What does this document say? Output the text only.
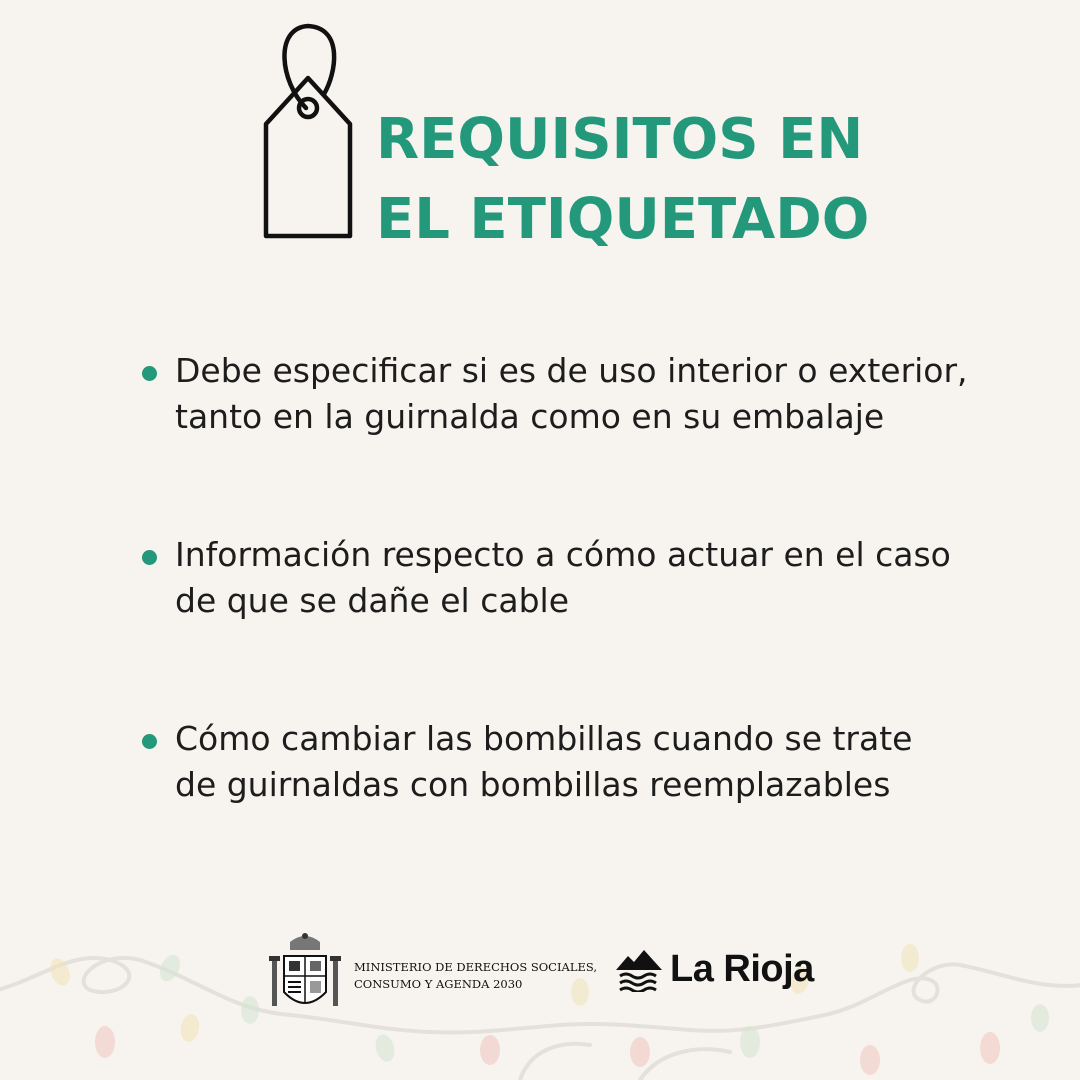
REQUISITOS EN
EL ETIQUETADO
Debe especificar si es de uso interior o exterior,
tanto en la guirnalda como en su embalaje
Información respecto a cómo actuar en el caso
de que se dañe el cable
Cómo cambiar las bombillas cuando se trate
de guirnaldas con bombillas reemplazables
MINISTERIO DE DERECHOS SOCIALES,
CONSUMO Y AGENDA 2030	La Rioja
